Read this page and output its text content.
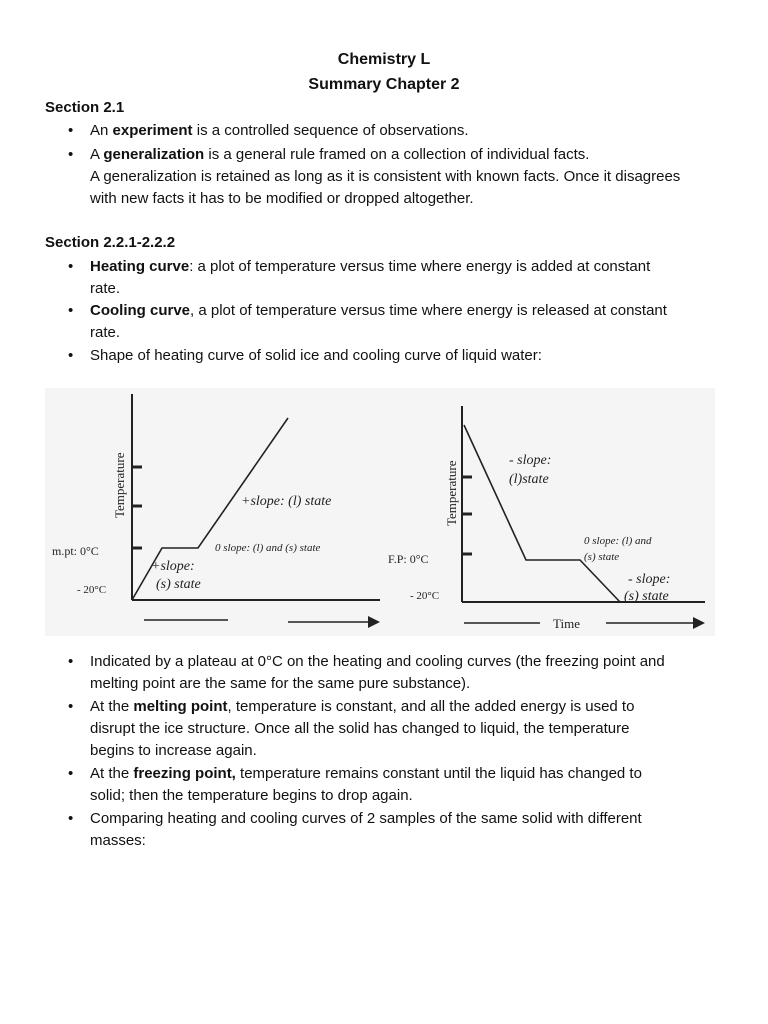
Chemistry L
Summary Chapter 2
Section 2.1
•	An experiment is a controlled sequence of observations.
•	A generalization is a general rule framed on a collection of individual facts.
A generalization is retained as long as it is consistent with known facts. Once it disagrees
with new facts it has to be modified or dropped altogether.
Section 2.2.1-2.2.2
•	Heating curve: a plot of temperature versus time where energy is added at constant
rate.
•	Cooling curve, a plot of temperature versus time where energy is released at constant
rate.
•	Shape of heating curve of solid ice and cooling curve of liquid water:
Temperature
m.pt: 0°C
- 20°C
+slope: (l) state
0 slope: (l) and (s) state
+slope:
(s) state
Temperature
F.P: 0°C
- 20°C
- slope:
(l)state
0 slope: (l) and
(s) state
- slope:
(s) state
Time
•	Indicated by a plateau at 0°C on the heating and cooling curves (the freezing point and
melting point are the same for the same pure substance).
•	At the melting point, temperature is constant, and all the added energy is used to
disrupt the ice structure. Once all the solid has changed to liquid, the temperature
begins to increase again.
•	At the freezing point, temperature remains constant until the liquid has changed to
solid; then the temperature begins to drop again.
•	Comparing heating and cooling curves of 2 samples of the same solid with different
masses:
